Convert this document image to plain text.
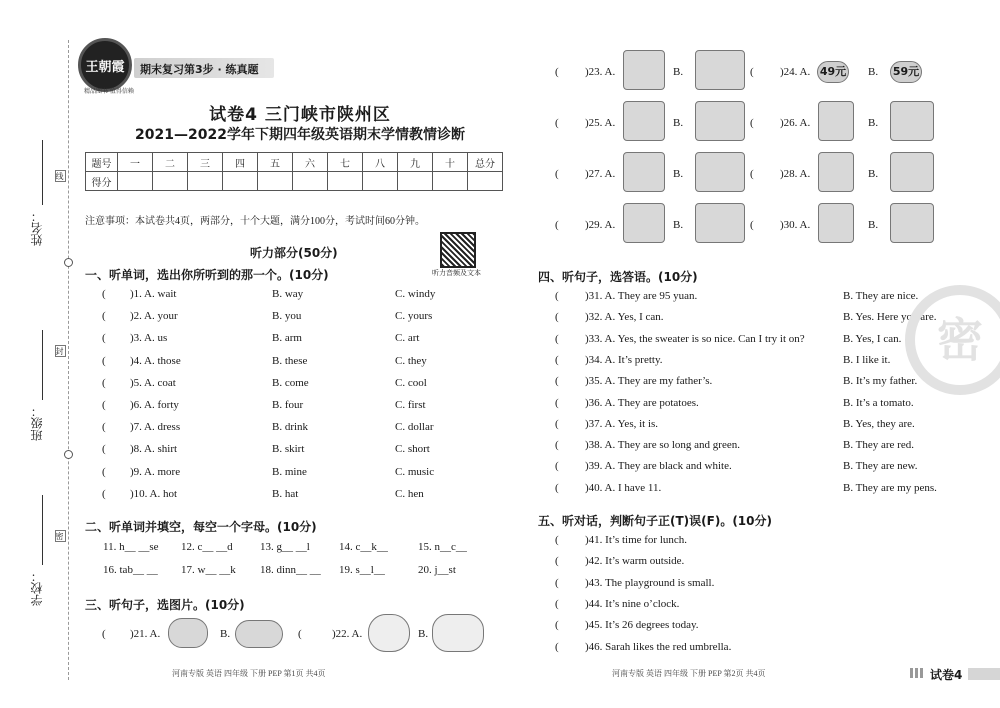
线
封
密
姓名：
班级：
学校：
王朝霞
精品图书 值得信赖
期末复习第3步 · 练真题
试卷4 三门峡市陕州区
2021—2022学年下期四年级英语期末学情教情诊断
题号	一	二	三	四	五	六	七	八	九	十	总分
得分											
注意事项：本试卷共4页，两部分，十个大题，满分100分，考试时间60分钟。
听力部分(50分)
听力音频及文本
一、听单词，选出你所听到的那一个。(10分)
( )1. A. wait	B. way	C. windy
( )2. A. your	B. you	C. yours
( )3. A. us	B. arm	C. art
( )4. A. those	B. these	C. they
( )5. A. coat	B. come	C. cool
( )6. A. forty	B. four	C. first
( )7. A. dress	B. drink	C. dollar
( )8. A. shirt	B. skirt	C. short
( )9. A. more	B. mine	C. music
( )10. A. hot	B. hat	C. hen
二、听单词并填空，每空一个字母。(10分)
11. h__ __se 12. c__ __d 13. g__ __l	14. c__k__	15. n__c__
16. tab__ __ 17. w__ __k 18. dinn__ __ 19. s__l__	20. j__st
三、听句子，选图片。(10分)
( )21. A.	B.	(	)22. A.	B.
河南专版 英语 四年级 下册 PEP 第1页 共4页
( )23. A.	B.	( )24. A.	B.
49元	59元
( )25. A.	B.	( )26. A.	B.
( )27. A.	B.	( )28. A.	B.
( )29. A.	B.	( )30. A.	B.
四、听句子，选答语。(10分)
( )31. A. They are 95 yuan.	B. They are nice.
( )32. A. Yes, I can.	B. Yes. Here you are.
( )33. A. Yes, the sweater is so nice. Can I try it on?	B. Yes, I can.
( )34. A. It’s pretty.	B. I like it.
( )35. A. They are my father’s.	B. It’s my father.
( )36. A. They are potatoes.	B. It’s a tomato.
( )37. A. Yes, it is.	B. Yes, they are.
( )38. A. They are so long and green.	B. They are red.
( )39. A. They are black and white.	B. They are new.
( )40. A. I have 11.	B. They are my pens.
五、听对话，判断句子正(T)误(F)。(10分)
( )41. It’s time for lunch.
( )42. It’s warm outside.
( )43. The playground is small.
( )44. It’s nine o’clock.
( )45. It’s 26 degrees today.
( )46. Sarah likes the red umbrella.
河南专版 英语 四年级 下册 PEP 第2页 共4页	试卷4
密
